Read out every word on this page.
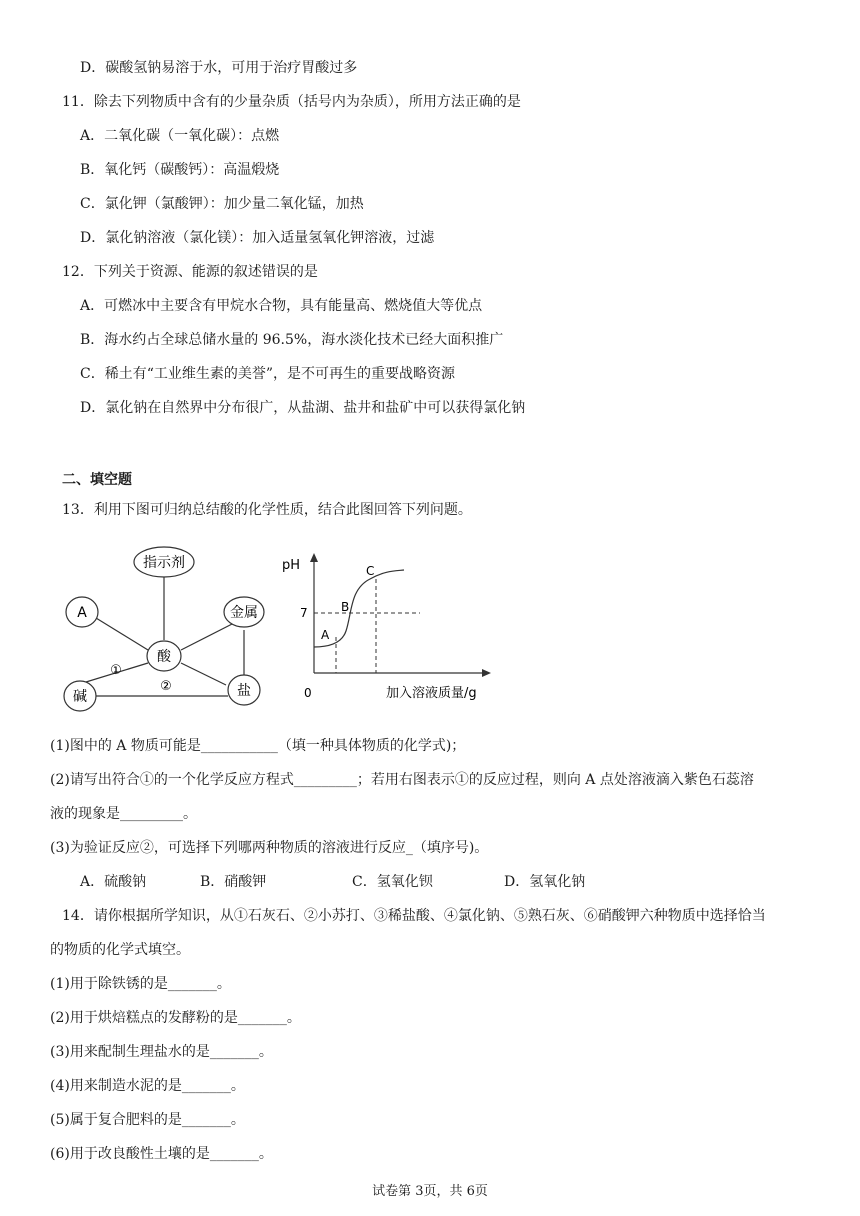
D．碳酸氢钠易溶于水，可用于治疗胃酸过多
11．除去下列物质中含有的少量杂质（括号内为杂质），所用方法正确的是
A．二氧化碳（一氧化碳）：点燃
B．氧化钙（碳酸钙）：高温煅烧
C．氯化钾（氯酸钾）：加少量二氧化锰，加热
D．氯化钠溶液（氯化镁）：加入适量氢氧化钾溶液，过滤
12．下列关于资源、能源的叙述错误的是
A．可燃冰中主要含有甲烷水合物，具有能量高、燃烧值大等优点
B．海水约占全球总储水量的 96.5%，海水淡化技术已经大面积推广
C．稀土有“工业维生素的美誉”，是不可再生的重要战略资源
D．氯化钠在自然界中分布很广，从盐湖、盐井和盐矿中可以获得氯化钠
二、填空题
13．利用下图可归纳总结酸的化学性质，结合此图回答下列问题。
指示剂
A	金属
酸
碱	盐
①
②
pH
7
0	加入溶液质量/g
A
B
C
(1)图中的 A 物质可能是___________（填一种具体物质的化学式)；
(2)请写出符合①的一个化学反应方程式_________；若用右图表示①的反应过程，则向 A 点处溶液滴入紫色石蕊溶
液的现象是_________。
(3)为验证反应②，可选择下列哪两种物质的溶液进行反应_（填序号)。
A．硫酸钠	B．硝酸钾	C．氢氧化钡	D．氢氧化钠
14．请你根据所学知识，从①石灰石、②小苏打、③稀盐酸、④氯化钠、⑤熟石灰、⑥硝酸钾六种物质中选择恰当
的物质的化学式填空。
(1)用于除铁锈的是_______。
(2)用于烘焙糕点的发酵粉的是_______。
(3)用来配制生理盐水的是_______。
(4)用来制造水泥的是_______。
(5)属于复合肥料的是_______。
(6)用于改良酸性土壤的是_______。
试卷第 3页，共 6页
